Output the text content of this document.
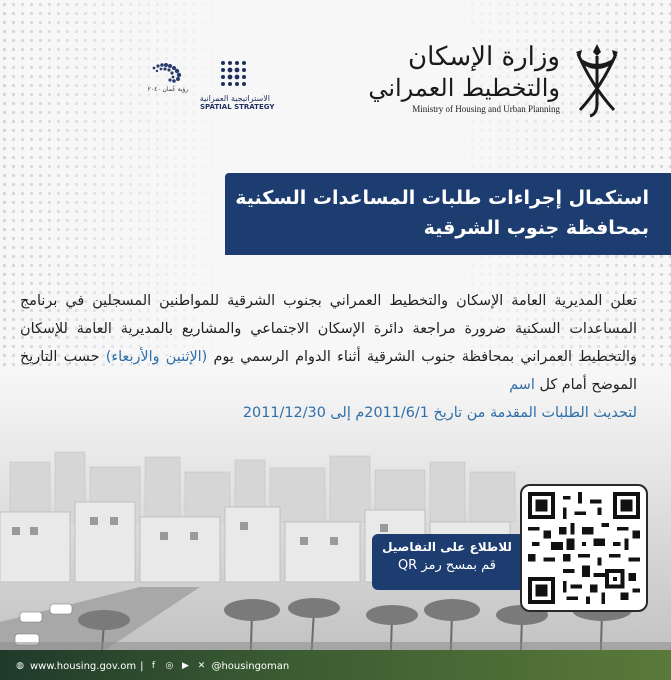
وزارة الإسكان
والتخطيط العمراني
Ministry of Housing and Urban Planning
الاستراتيجية العمرانية
SPATIAL STRATEGY
رؤية عُمان ٢٠٤٠
استكمال إجراءات طلبات المساعدات السكنية
بمحافظة جنوب الشرقية
تعلن المديرية العامة الإسكان والتخطيط العمراني بجنوب الشرقية للمواطنين المسجلين في برنامج المساعدات السكنية ضرورة مراجعة دائرة الإسكان الاجتماعي والمشاريع بالمديرية العامة للإسكان والتخطيط العمراني بمحافظة جنوب الشرقية أثناء الدوام الرسمي يوم (الإثنين والأربعاء) حسب التاريخ الموضح أمام كل اسم
لتحديث الطلبات المقدمة من تاريخ 2011/6/1م إلى 2011/12/30
للاطلاع على التفاصيل
قم بمسح رمز QR
◍ www.housing.gov.om | f	◎ ▶ ✕ @housingoman
